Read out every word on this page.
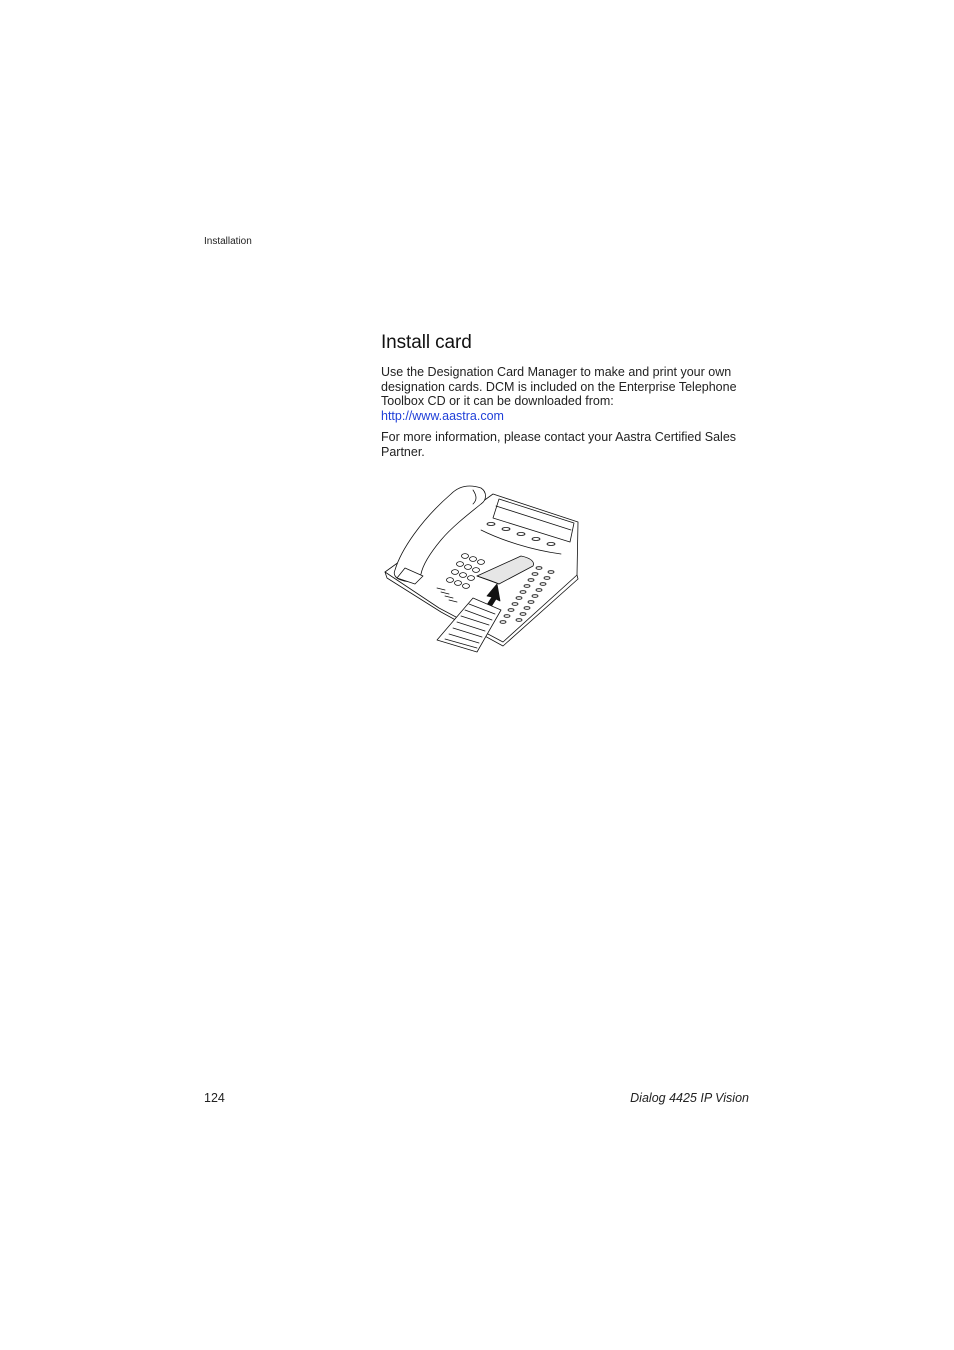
Installation
Install card

Use the Designation Card Manager to make and print your own designation cards. DCM is included on the Enterprise Telephone Toolbox CD or it can be downloaded from:
http://www.aastra.com

For more information, please contact your Aastra Certified Sales Partner.

124	Dialog 4425 IP Vision
